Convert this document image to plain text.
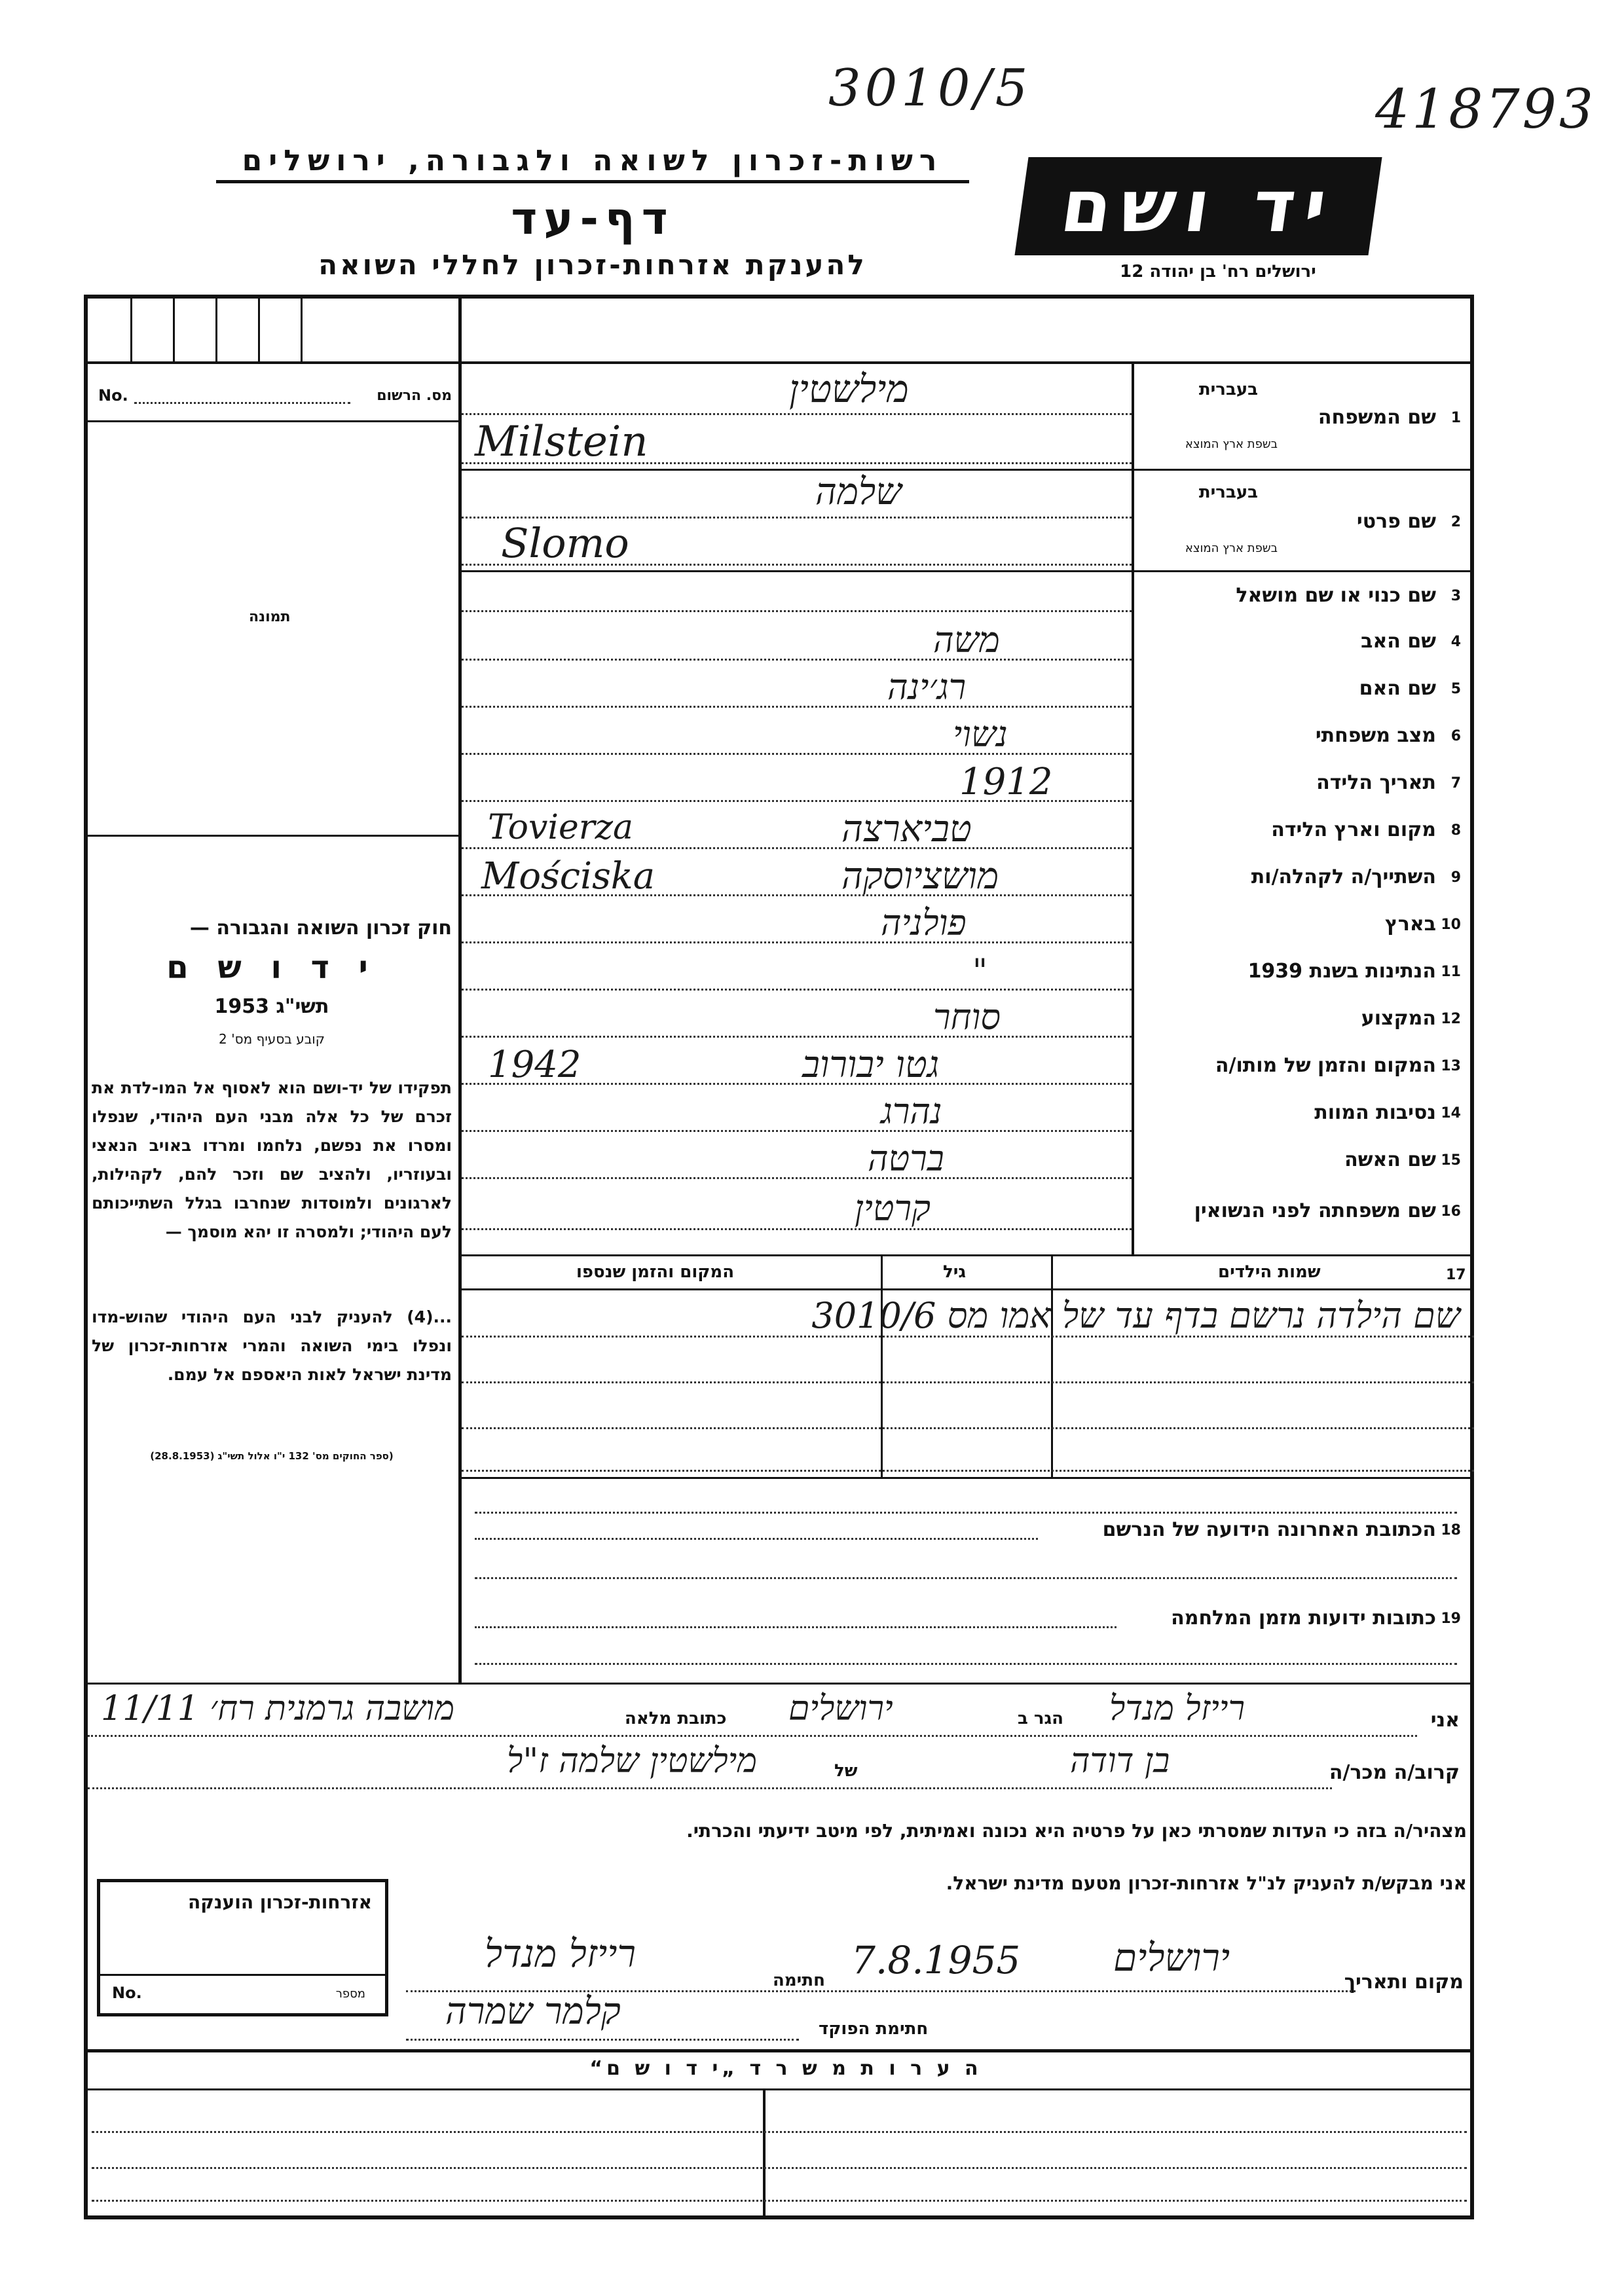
3010/5	418793
רשות-זכרון לשואה ולגבורה, ירושלים
דף-עד
להענקת אזרחות-זכרון לחללי השואה
יד ושם
ירושלים רח' בן יהודה 12
No.	מס. הרשום
תמונה
חוק זכרון השואה והגבורה —
י ד ו ש ם
תשי"ג 1953
קובע בסעיף מס' 2
תפקידו של יד-ושם הוא לאסוף אל המו-לדת את זכרם של כל אלה מבני העם היהודי, שנפלו ומסרו את נפשם, נלחמו ומרדו באויב הנאצי ובעוזריו, ולהציב שם וזכר להם, לקהילות, לארגונים ולמוסדות שנחרבו בגלל השתייכותם לעם היהודי; ולמסרה זו יהא מוסמך —
...(4) להעניק לבני העם היהודי שהוש-מדו ונפלו בימי השואה והמרי אזרחות-זכרון של מדינת ישראל לאות היאספם אל עמם.
(ספר החוקים מס' 132 י"ו אלול תשי"ג (28.8.1953)
מילשטין
Milstein
בעברית
שם המשפחה
בשפת ארץ המוצא
1
שלמה
Slomo
בעברית
שם פרטי
בשפת ארץ המוצא
2
שם כנוי או שם מושאל 3
משה	שם האב 4
רג׳ינה	שם האם 5
נשוי	מצב משפחתי 6
1912	תאריך הלידה 7
Tovierza	טביארצה	מקום וארץ הלידה 8
Mościska	מושציוסקה	השתייך/ה לקהלה/ות 9
פולניה	בארץ 10
"	הנתינות בשנת 1939 11
סוחר	המקצוע 12
1942	גטו יבורוב	המקום והזמן של מותו/ה 13
נהרג	נסיבות המוות 14
ברטה	שם האשה 15
קרטין	שם משפחתה לפני הנשואין 16
המקום והזמן שנספו	גיל	שמות הילדים	17
שם הילדה נרשם בדף עד של אמו מס 3010/6
הכתובת האחרונה הידועה של הנרשם 18
כתובות ידועות מזמן המלחמה 19
מושבה גרמנית רח׳ 11/11	כתובת מלאה ירושלים	הגר ב רייזל מנדל	אני
מילשטין שלמה ז"ל	של	בן דודה	קרוב/ה מכר/ה
מצהיר/ה בזה כי העדות שמסרתי כאן על פרטיה היא נכונה ואמיתית, לפי מיטב ידיעתי והכרתי.
אני מבקש/ת להעניק לנ"ל אזרחות-זכרון מטעם מדינת ישראל.
אזרחות-זכרון הוענקה
No.	מספר
רייזל מנדל
חתימה 7.8.1955 ירושלים
מקום ותאריך
קלמר שמרה	חתימת הפוקד
ה ע ר ו ת מ ש ר ד „י ד ו ש ם“
